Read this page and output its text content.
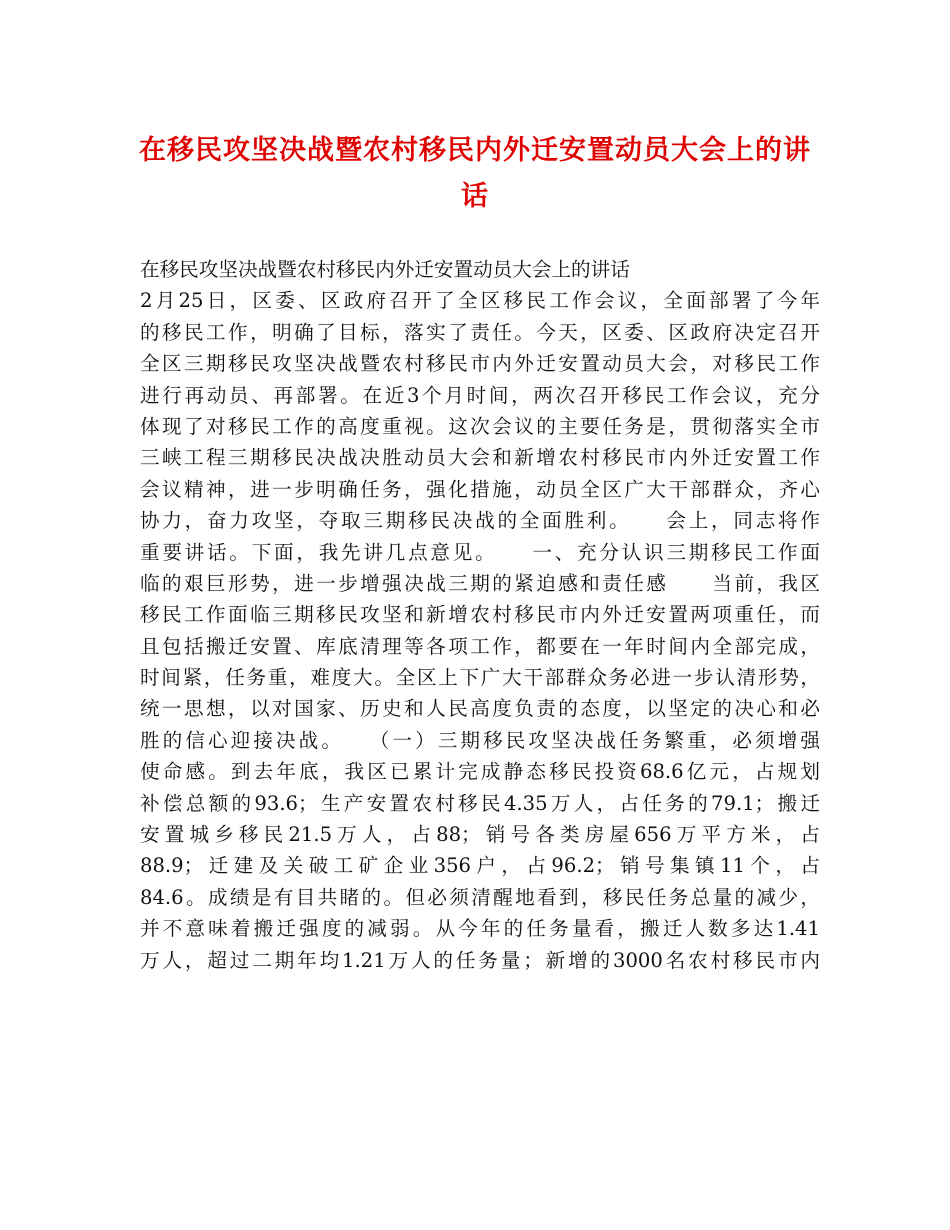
在移民攻坚决战暨农村移民内外迁安置动员大会上的讲话
在移民攻坚决战暨农村移民内外迁安置动员大会上的讲话
2月25日，区委、区政府召开了全区移民工作会议，全面部署了今年
的移民工作，明确了目标，落实了责任。今天，区委、区政府决定召开
全区三期移民攻坚决战暨农村移民市内外迁安置动员大会，对移民工作
进行再动员、再部署。在近3个月时间，两次召开移民工作会议，充分
体现了对移民工作的高度重视。这次会议的主要任务是，贯彻落实全市
三峡工程三期移民决战决胜动员大会和新增农村移民市内外迁安置工作
会议精神，进一步明确任务，强化措施，动员全区广大干部群众，齐心
协力，奋力攻坚，夺取三期移民决战的全面胜利。　　会上，同志将作
重要讲话。下面，我先讲几点意见。　　一、充分认识三期移民工作面
临的艰巨形势，进一步增强决战三期的紧迫感和责任感　　当前，我区
移民工作面临三期移民攻坚和新增农村移民市内外迁安置两项重任，而
且包括搬迁安置、库底清理等各项工作，都要在一年时间内全部完成，
时间紧，任务重，难度大。全区上下广大干部群众务必进一步认清形势，
统一思想，以对国家、历史和人民高度负责的态度，以坚定的决心和必
胜的信心迎接决战。　　（一）三期移民攻坚决战任务繁重，必须增强
使命感。到去年底，我区已累计完成静态移民投资68.6亿元，占规划
补偿总额的93.6；生产安置农村移民4.35万人，占任务的79.1；搬迁
安置城乡移民21.5万人，占88；销号各类房屋656万平方米，占
88.9；迁建及关破工矿企业356户，占96.2；销号集镇11个，占
84.6。成绩是有目共睹的。但必须清醒地看到，移民任务总量的减少，
并不意味着搬迁强度的减弱。从今年的任务量看，搬迁人数多达1.41
万人，超过二期年均1.21万人的任务量；新增的3000名农村移民市内
